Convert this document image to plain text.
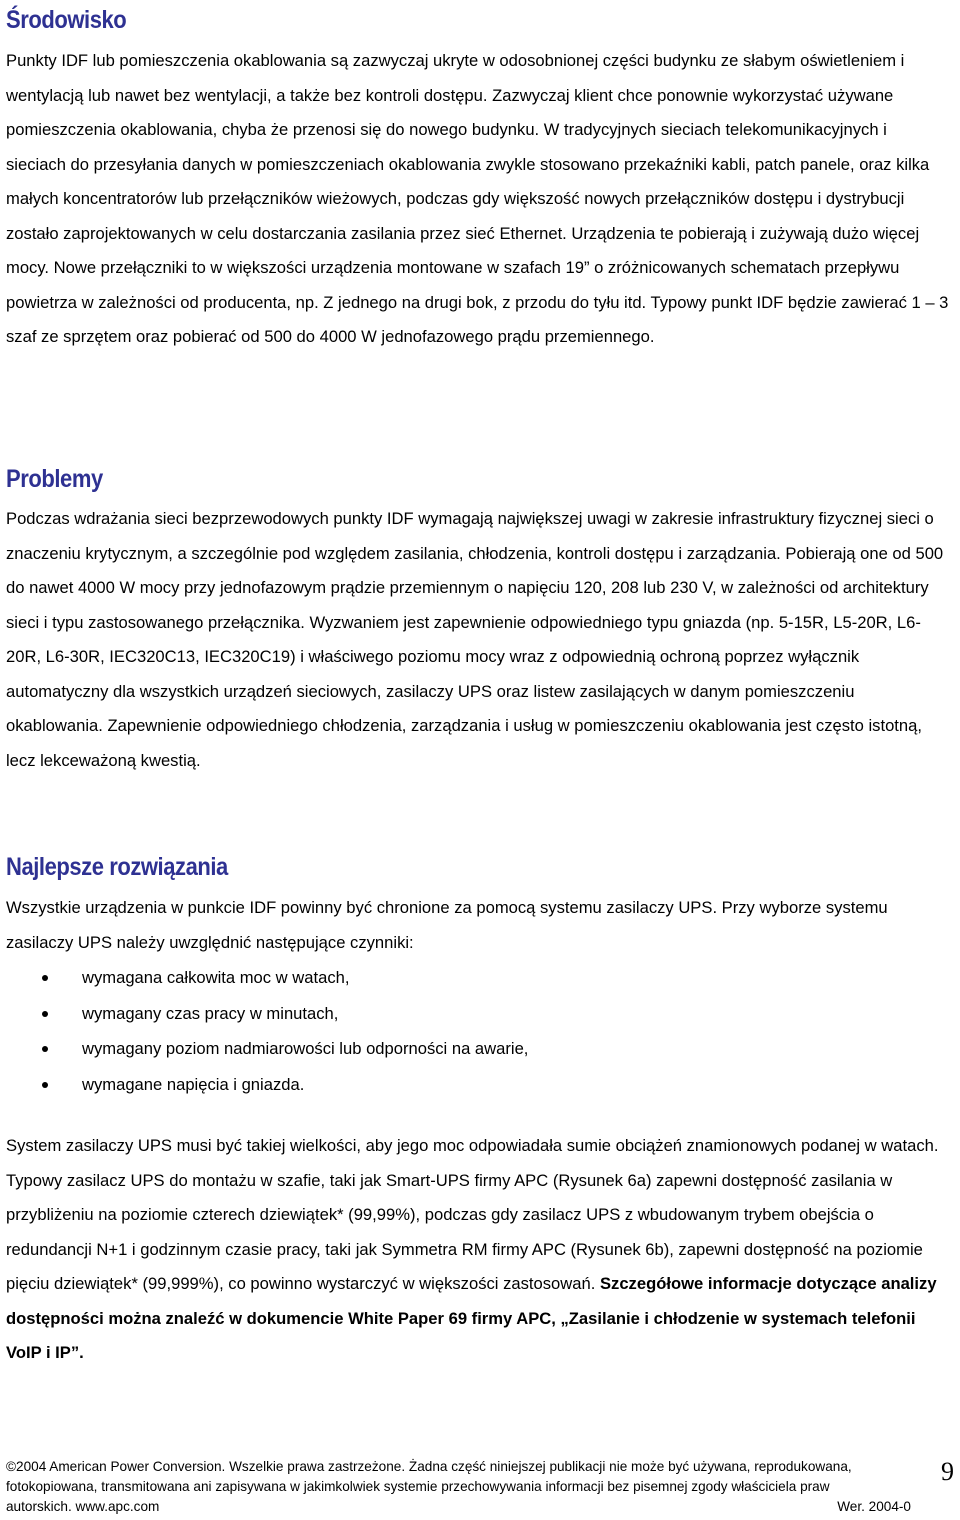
Środowisko

Punkty IDF lub pomieszczenia okablowania są zazwyczaj ukryte w odosobnionej części budynku ze słabym oświetleniem i wentylacją lub nawet bez wentylacji, a także bez kontroli dostępu. Zazwyczaj klient chce ponownie wykorzystać używane pomieszczenia okablowania, chyba że przenosi się do nowego budynku. W tradycyjnych sieciach telekomunikacyjnych i sieciach do przesyłania danych w pomieszczeniach okablowania zwykle stosowano przekaźniki kabli, patch panele, oraz kilka małych koncentratorów lub przełączników wieżowych, podczas gdy większość nowych przełączników dostępu i dystrybucji zostało zaprojektowanych w celu dostarczania zasilania przez sieć Ethernet. Urządzenia te pobierają i zużywają dużo więcej mocy. Nowe przełączniki to w większości urządzenia montowane w szafach 19” o zróżnicowanych schematach przepływu powietrza w zależności od producenta, np. Z jednego na drugi bok, z przodu do tyłu itd. Typowy punkt IDF będzie zawierać 1 – 3 szaf ze sprzętem oraz pobierać od 500 do 4000 W jednofazowego prądu przemiennego.

Problemy

Podczas wdrażania sieci bezprzewodowych punkty IDF wymagają największej uwagi w zakresie infrastruktury fizycznej sieci o znaczeniu krytycznym, a szczególnie pod względem zasilania, chłodzenia, kontroli dostępu i zarządzania. Pobierają one od 500 do nawet 4000 W mocy przy jednofazowym prądzie przemiennym o napięciu 120, 208 lub 230 V, w zależności od architektury sieci i typu zastosowanego przełącznika. Wyzwaniem jest zapewnienie odpowiedniego typu gniazda (np. 5-15R, L5-20R, L6-20R, L6-30R, IEC320C13, IEC320C19) i właściwego poziomu mocy wraz z odpowiednią ochroną poprzez wyłącznik automatyczny dla wszystkich urządzeń sieciowych, zasilaczy UPS oraz listew zasilających w danym pomieszczeniu okablowania. Zapewnienie odpowiedniego chłodzenia, zarządzania i usług w pomieszczeniu okablowania jest często istotną, lecz lekceważoną kwestią.

Najlepsze rozwiązania

Wszystkie urządzenia w punkcie IDF powinny być chronione za pomocą systemu zasilaczy UPS. Przy wyborze systemu zasilaczy UPS należy uwzględnić następujące czynniki:

wymagana całkowita moc w watach,
wymagany czas pracy w minutach,
wymagany poziom nadmiarowości lub odporności na awarie,
wymagane napięcia i gniazda.

System zasilaczy UPS musi być takiej wielkości, aby jego moc odpowiadała sumie obciążeń znamionowych podanej w watach. Typowy zasilacz UPS do montażu w szafie, taki jak Smart-UPS firmy APC (Rysunek 6a) zapewni dostępność zasilania w przybliżeniu na poziomie czterech dziewiątek* (99,99%), podczas gdy zasilacz UPS z wbudowanym trybem obejścia o redundancji N+1 i godzinnym czasie pracy, taki jak Symmetra RM firmy APC (Rysunek 6b), zapewni dostępność na poziomie pięciu dziewiątek* (99,999%), co powinno wystarczyć w większości zastosowań. Szczegółowe informacje dotyczące analizy dostępności można znaleźć w dokumencie White Paper 69 firmy APC, „Zasilanie i chłodzenie w systemach telefonii VoIP i IP”.

©2004 American Power Conversion. Wszelkie prawa zastrzeżone. Żadna część niniejszej publikacji nie może być używana, reprodukowana,
fotokopiowana, transmitowana ani zapisywana w jakimkolwiek systemie przechowywania informacji bez pisemnej zgody właściciela praw
autorskich. www.apc.com	Wer. 2004-0
9
